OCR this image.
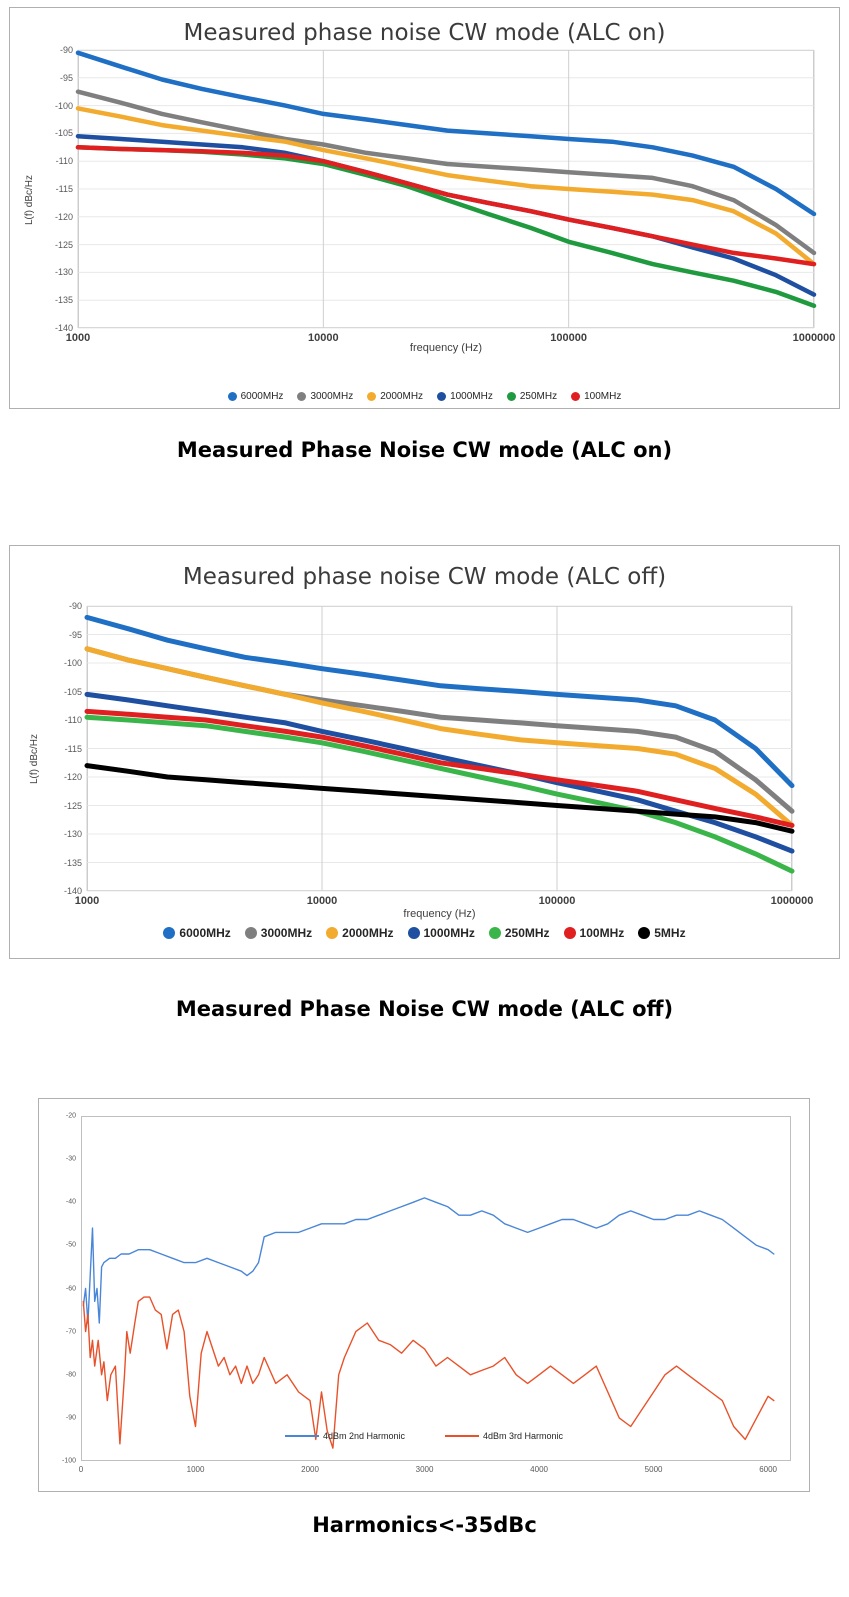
Measured phase noise CW mode (ALC on)
-90
-95
-100
-105
-110
-115
-120
-125
-130
-135
-140
1000	10000	100000	1000000
L(f) dBc/Hz
frequency (Hz)
6000MHz	3000MHz	2000MHz	1000MHz	250MHz	100MHz
Measured Phase Noise CW mode (ALC on)
Measured phase noise CW mode (ALC off)
-90
-95
-100
-105
-110
-115
-120
-125
-130
-135
-140
1000	10000	100000	1000000
L(f) dBc/Hz
frequency (Hz)
6000MHz	3000MHz	2000MHz	1000MHz	250MHz	100MHz	5MHz
Measured Phase Noise CW mode (ALC off)
-20
-30
-40
-50
-60
-70
-80
-90
-100
0	1000	2000	3000	4000	5000	6000
4dBm 2nd Harmonic	4dBm 3rd Harmonic
Harmonics<-35dBc
